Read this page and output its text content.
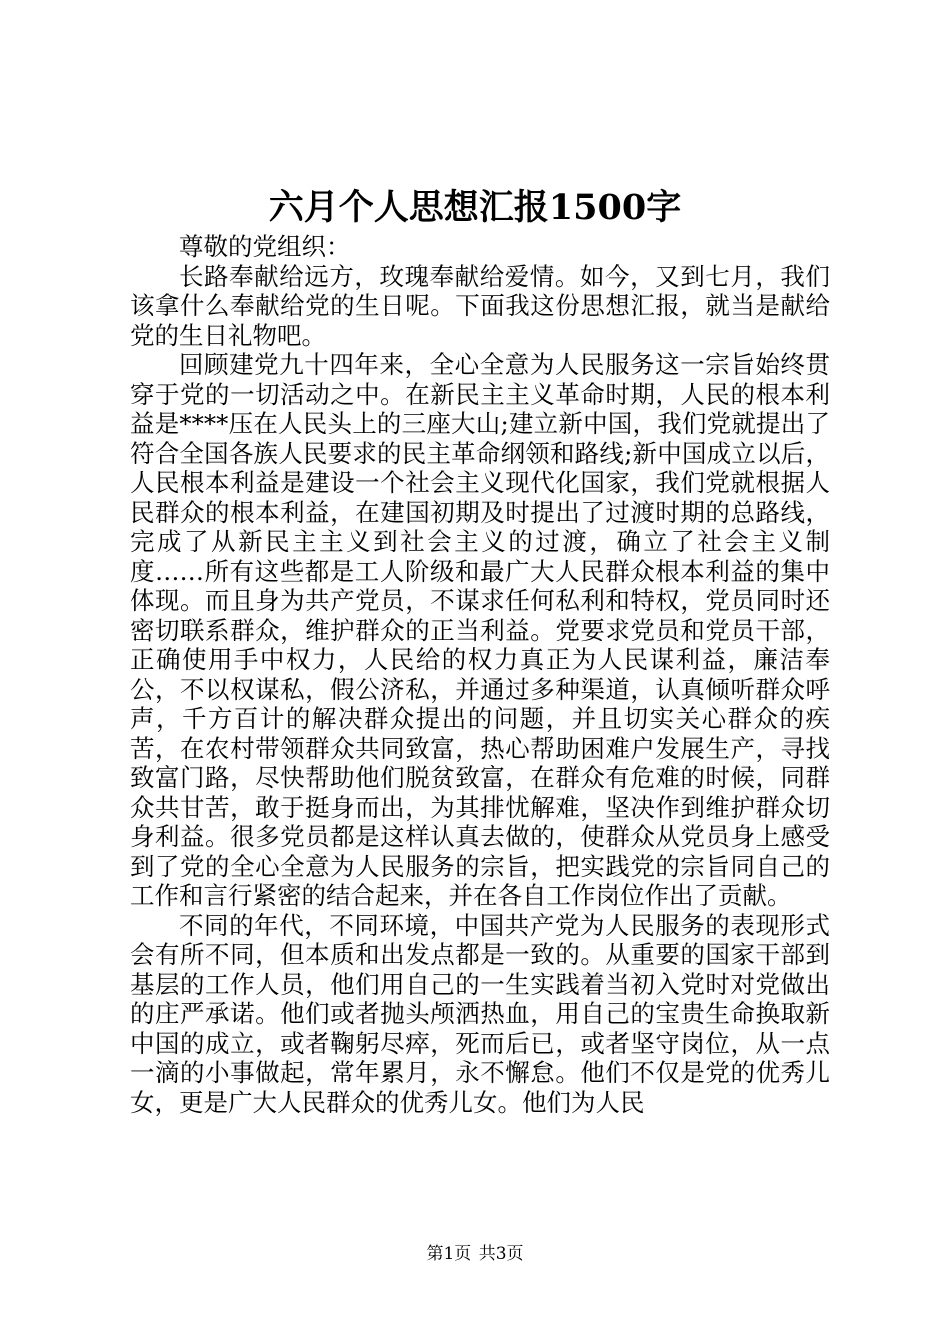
六月个人思想汇报1500字

尊敬的党组织：

长路奉献给远方，玫瑰奉献给爱情。如今，又到七月，我们该拿什么奉献给党的生日呢。下面我这份思想汇报，就当是献给党的生日礼物吧。

回顾建党九十四年来，全心全意为人民服务这一宗旨始终贯穿于党的一切活动之中。在新民主主义革命时期，人民的根本利益是****压在人民头上的三座大山;建立新中国，我们党就提出了符合全国各族人民要求的民主革命纲领和路线;新中国成立以后，人民根本利益是建设一个社会主义现代化国家，我们党就根据人民群众的根本利益，在建国初期及时提出了过渡时期的总路线，完成了从新民主主义到社会主义的过渡，确立了社会主义制度……所有这些都是工人阶级和最广大人民群众根本利益的集中体现。而且身为共产党员，不谋求任何私利和特权，党员同时还密切联系群众，维护群众的正当利益。党要求党员和党员干部，正确使用手中权力，人民给的权力真正为人民谋利益，廉洁奉公，不以权谋私，假公济私，并通过多种渠道，认真倾听群众呼声，千方百计的解决群众提出的问题，并且切实关心群众的疾苦，在农村带领群众共同致富，热心帮助困难户发展生产，寻找致富门路，尽快帮助他们脱贫致富，在群众有危难的时候，同群众共甘苦，敢于挺身而出，为其排忧解难，坚决作到维护群众切身利益。很多党员都是这样认真去做的，使群众从党员身上感受到了党的全心全意为人民服务的宗旨，把实践党的宗旨同自己的工作和言行紧密的结合起来，并在各自工作岗位作出了贡献。

不同的年代，不同环境，中国共产党为人民服务的表现形式会有所不同，但本质和出发点都是一致的。从重要的国家干部到基层的工作人员，他们用自己的一生实践着当初入党时对党做出的庄严承诺。他们或者抛头颅洒热血，用自己的宝贵生命换取新中国的成立，或者鞠躬尽瘁，死而后已，或者坚守岗位，从一点一滴的小事做起，常年累月，永不懈怠。他们不仅是党的优秀儿女，更是广大人民群众的优秀儿女。他们为人民

第1页 共3页
